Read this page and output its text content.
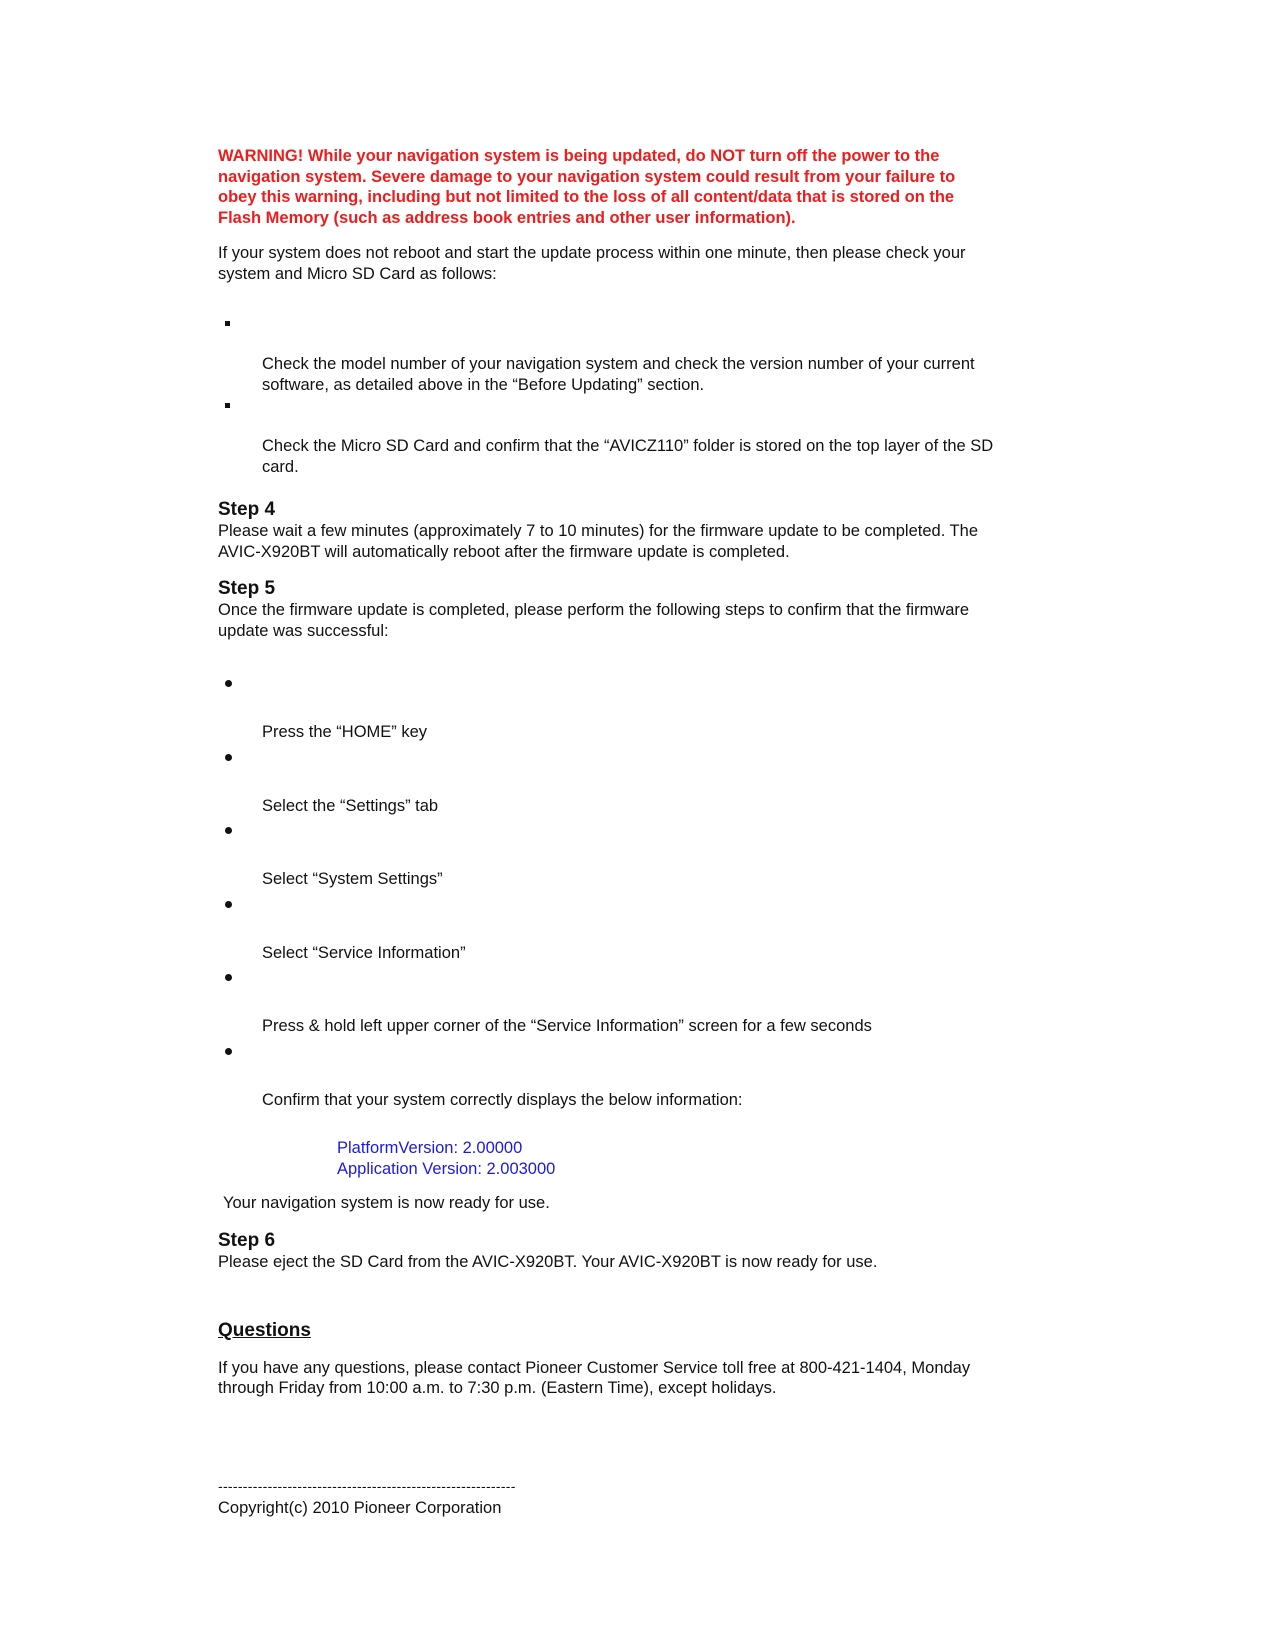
WARNING! While your navigation system is being updated, do NOT turn off the power to the
navigation system. Severe damage to your navigation system could result from your failure to
obey this warning, including but not limited to the loss of all content/data that is stored on the
Flash Memory (such as address book entries and other user information).

If your system does not reboot and start the update process within one minute, then please check your
system and Micro SD Card as follows:

Check the model number of your navigation system and check the version number of your current
software, as detailed above in the “Before Updating” section.

Check the Micro SD Card and confirm that the “AVICZ110” folder is stored on the top layer of the SD
card.

Step 4

Please wait a few minutes (approximately 7 to 10 minutes) for the firmware update to be completed. The
AVIC-X920BT will automatically reboot after the firmware update is completed.

Step 5

Once the firmware update is completed, please perform the following steps to confirm that the firmware
update was successful:

Press the “HOME” key

Select the “Settings” tab

Select “System Settings”

Select “Service Information”

Press & hold left upper corner of the “Service Information” screen for a few seconds

Confirm that your system correctly displays the below information:

PlatformVersion: 2.00000

Application Version: 2.003000

Your navigation system is now ready for use.

Step 6

Please eject the SD Card from the AVIC-X920BT. Your AVIC-X920BT is now ready for use.

Questions

If you have any questions, please contact Pioneer Customer Service toll free at 800-421-1404, Monday
through Friday from 10:00 a.m. to 7:30 p.m. (Eastern Time), except holidays.

------------------------------------------------------------

Copyright(c) 2010 Pioneer Corporation
